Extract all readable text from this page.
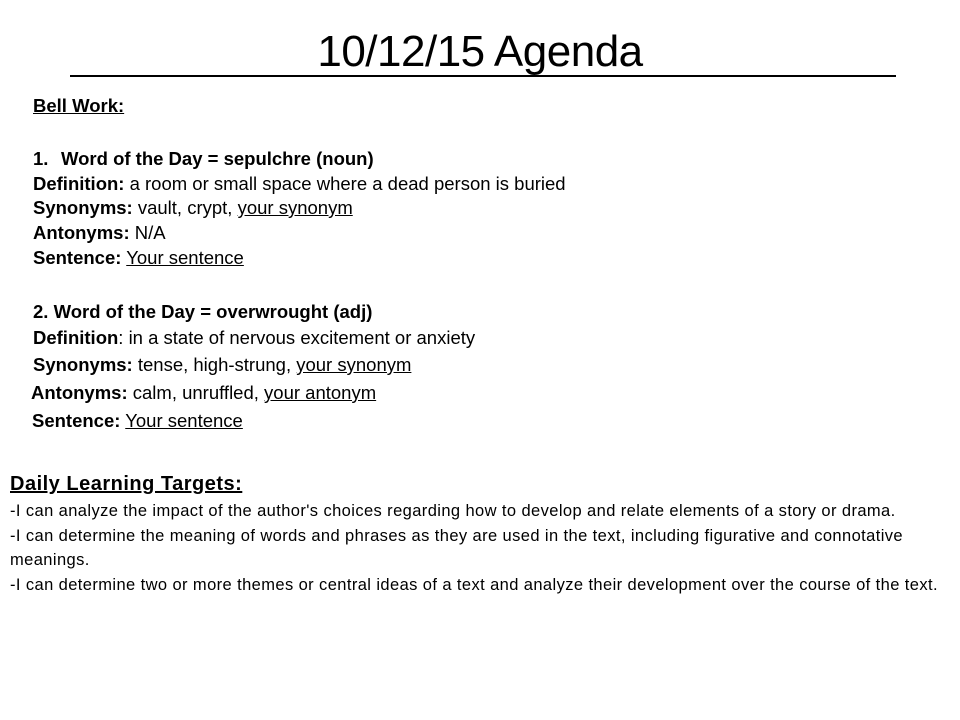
10/12/15 Agenda
Bell Work:
1. Word of the Day = sepulchre (noun)
Definition: a room or small space where a dead person is buried
Synonyms: vault, crypt, your synonym
Antonyms: N/A
Sentence: Your sentence
2. Word of the Day = overwrought (adj)
Definition: in a state of nervous excitement or anxiety
Synonyms: tense, high-strung, your synonym
Antonyms: calm, unruffled, your antonym
Sentence: Your sentence
Daily Learning Targets:

-I can analyze the impact of the author's choices regarding how to develop and relate elements of a story or drama.

-I can determine the meaning of words and phrases as they are used in the text, including figurative and connotative meanings.

-I can determine two or more themes or central ideas of a text and analyze their development over the course of the text.
